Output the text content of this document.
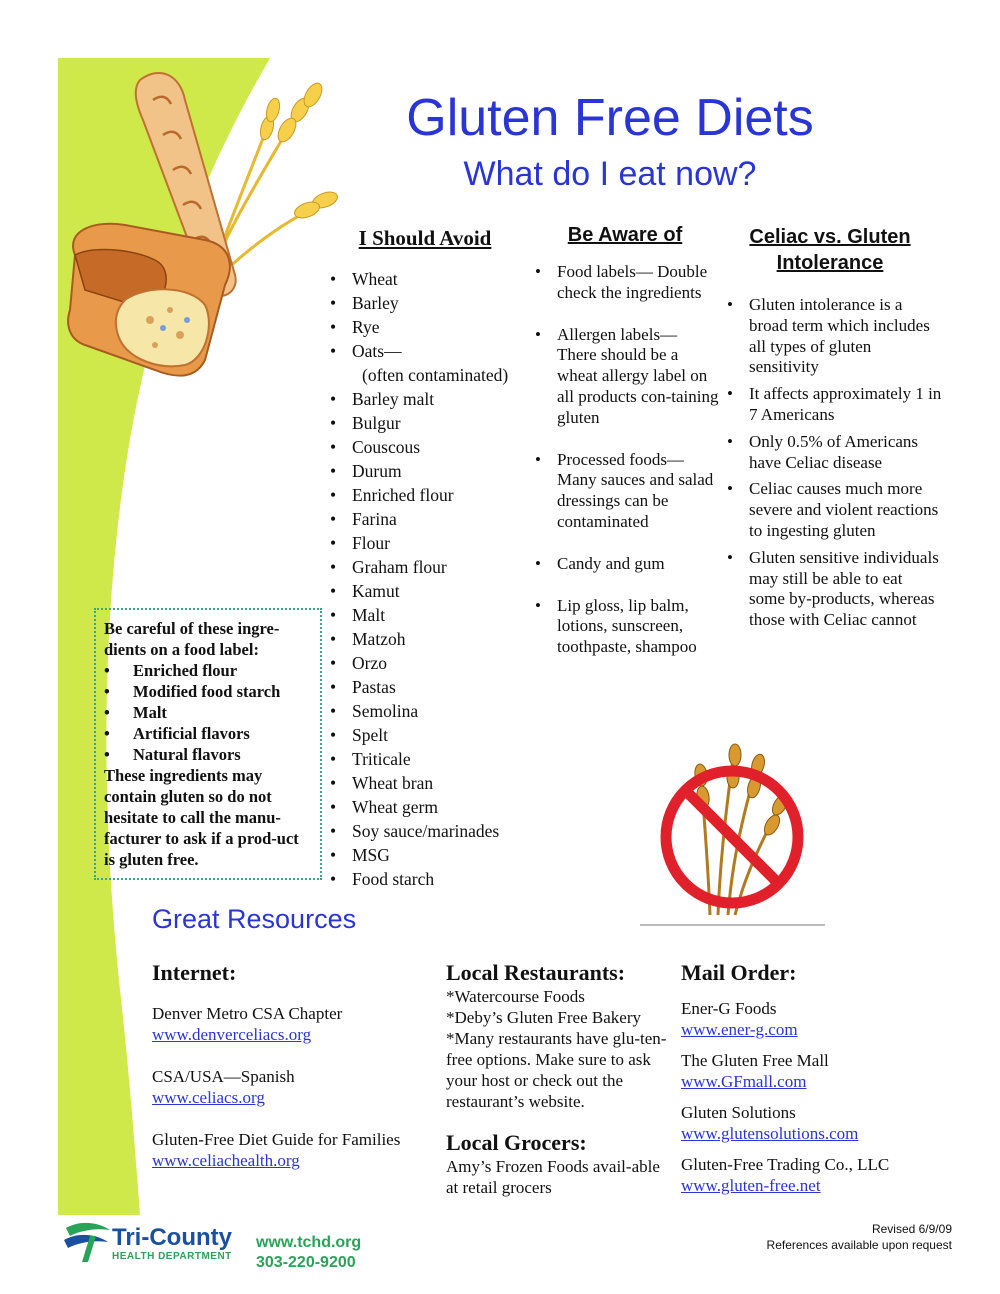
Gluten Free Diets
What do I eat now?
I Should Avoid
• Wheat
• Barley
• Rye
• Oats—
(often contaminated)
• Barley malt
• Bulgur
• Couscous
• Durum
• Enriched flour
• Farina
• Flour
• Graham flour
• Kamut
• Malt
• Matzoh
• Orzo
• Pastas
• Semolina
• Spelt
• Triticale
• Wheat bran
• Wheat germ
• Soy sauce/marinades
• MSG
• Food starch
Be Aware of
• Food labels— Double check the ingredients
• Allergen labels— There should be a wheat allergy label on all products con-taining gluten
• Processed foods— Many sauces and salad dressings can be contaminated
• Candy and gum
• Lip gloss, lip balm, lotions, sunscreen, toothpaste, shampoo
Celiac vs. Gluten Intolerance
• Gluten intolerance is a broad term which includes all types of gluten sensitivity
• It affects approximately 1 in 7 Americans
• Only 0.5% of Americans have Celiac disease
• Celiac causes much more severe and violent reactions to ingesting gluten
• Gluten sensitive individuals may still be able to eat some by-products, whereas those with Celiac cannot
Be careful of these ingre-dients on a food label:
• Enriched flour
• Modified food starch
• Malt
• Artificial flavors
• Natural flavors
These ingredients may contain gluten so do not hesitate to call the manu-facturer to ask if a prod-uct is gluten free.
Great Resources
Internet:
Denver Metro CSA Chapter
www.denverceliacs.org
CSA/USA—Spanish
www.celiacs.org
Gluten-Free Diet Guide for Families
www.celiachealth.org
Local Restaurants:
*Watercourse Foods
*Deby’s Gluten Free Bakery
*Many restaurants have glu-ten-free options. Make sure to ask your host or check out the restaurant’s website.
Local Grocers:
Amy’s Frozen Foods avail-able at retail grocers
Mail Order:
Ener-G Foods
www.ener-g.com
The Gluten Free Mall
www.GFmall.com
Gluten Solutions
www.glutensolutions.com
Gluten-Free Trading Co., LLC
www.gluten-free.net
Tri-County
HEALTH DEPARTMENT
www.tchd.org
303-220-9200
Revised 6/9/09
References available upon request
